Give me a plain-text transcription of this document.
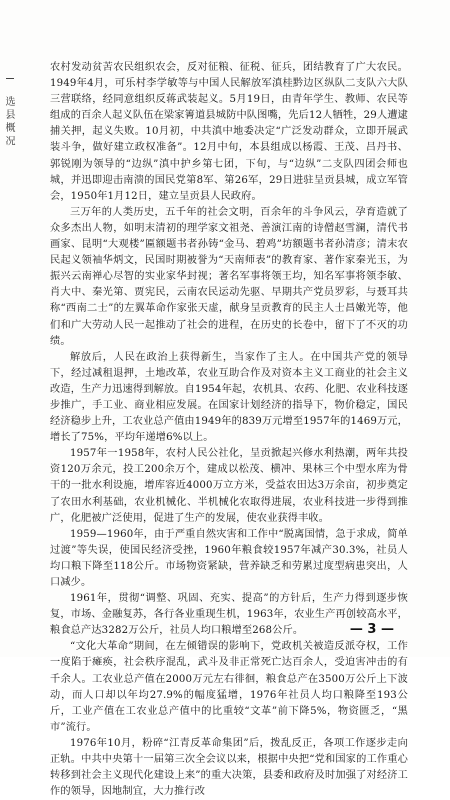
选 县 概 况

农村发动贫苦农民组织农会，反对征粮、征税、征兵，团结教育了广大农民。1949年4月，可乐村李学敏等与中国人民解放军滇桂黔边区纵队二支队六大队三营联络，经同意组织反蒋武装起义。5月19日，由青年学生、教师、农民等组成的百余人起义队伍在梁家箐道县城防中队图嘴，先后12人牺牲，29人遭逮捕关押，起义失败。10月初，中共滇中地委决定“广泛发动群众，立即开展武装斗争，做好建立政权准备”。12月中旬，本县组成以杨霞、王茂、吕丹书、郭锐刚为领导的“边纵”滇中护乡第七团，下旬，与“边纵”二支队四团会师也城，并迅即迎击南溃的国民党第8军、第26军，29日进驻呈贡县城，成立军管会，1950年1月12日，建立呈贡县人民政府。

三万年的人类历史，五千年的社会文明，百余年的斗争风云，孕育造就了众多杰出人物，如明末清初的理学家文祖尧、善演江南的诗僧赵雪澜，清代书画家、昆明“大观楼”匾额题书者孙铸“金马、碧鸡”坊额题书者孙清彦；清末农民起义领袖华炳文，民国时期被誉为“天南师表”的教育家、著作家秦光玉，为振兴云南禅心尽智的实业家华封视；著名军事将领王均，知名军事将领李敏、肖大中、秦光第、贾宪民，云南农民运动先驱、早期共产党员罗彩，与聂耳共称“西南二士”的左翼革命作家张天虚，献身呈贡教育的民主人士昌嫩光等，他们和广大劳动人民一起推动了社会的进程，在历史的长卷中，留下了不灭的功绩。

解放后，人民在政治上获得新生，当家作了主人。在中国共产党的领导下，经过减租退押，土地改革，农业互助合作及对资本主义工商业的社会主义改造，生产力迅速得到解放。自1954年起，农机具、农药、化肥、农业科技逐步推广，手工业、商业相应发展。在国家计划经济的指导下，物价稳定，国民经济稳步上升，工农业总产值由1949年的839万元增至1957年的1469万元，增长了75%，平均年递增6%以上。

1957年一1958年，农村人民公社化，呈贡掀起兴修水利热潮，两年共投资120万余元，投工200余万个，建成以松茂、横冲、果林三个中型水库为骨干的一批水利设施，增库容近4000万立方米，受益农田达3万余亩，初步奠定了农田水利基础，农业机械化、半机械化农取得进展，农业科技进一步得到推广，化肥被广泛使用，促进了生产的发展，使农业获得丰收。

1959—1960年，由于严重自然灾害和工作中“脱离国情，急于求成，简单过渡”等失误，使国民经济受挫，1960年粮食较1957年减产30.3%，社员人均口粮下降至118公斤。市场物资紧缺，营养缺乏和劳累过度型病患突出，人口减少。

1961年，贯彻“调整、巩固、充实、提高”的方针后，生产力得到逐步恢复，市场、金融复苏，各行各业重现生机，1963年，农业生产再创较高水平，粮食总产达3282万公斤，社员人均口粮增至268公斤。

“文化大革命”期间，在左倾错误的影响下，党政机关被造反派夺权，工作一度陷于瘫痪，社会秩序混乱，武斗及非正常死亡达百余人，受迫害冲击的有千余人。工农业总产值在2000万元左右徘徊，粮食总产在3500万公斤上下波动，而人口却以年均27.9%的幅度猛增，1976年社员人均口粮降至193公斤，工业产值在工农业总产值中的比重较“文革”前下降5%，物资匮乏，“黑市”流行。

1976年10月，粉碎“江青反革命集团”后，拨乱反正，各项工作逐步走向正轨。中共中央第十一届第三次全会议以来，根据中央把“党和国家的工作重心转移到社会主义现代化建设上来”的重大决策，县委和政府及时加强了对经济工作的领导，因地制宜，大力推行改

— 3 —
